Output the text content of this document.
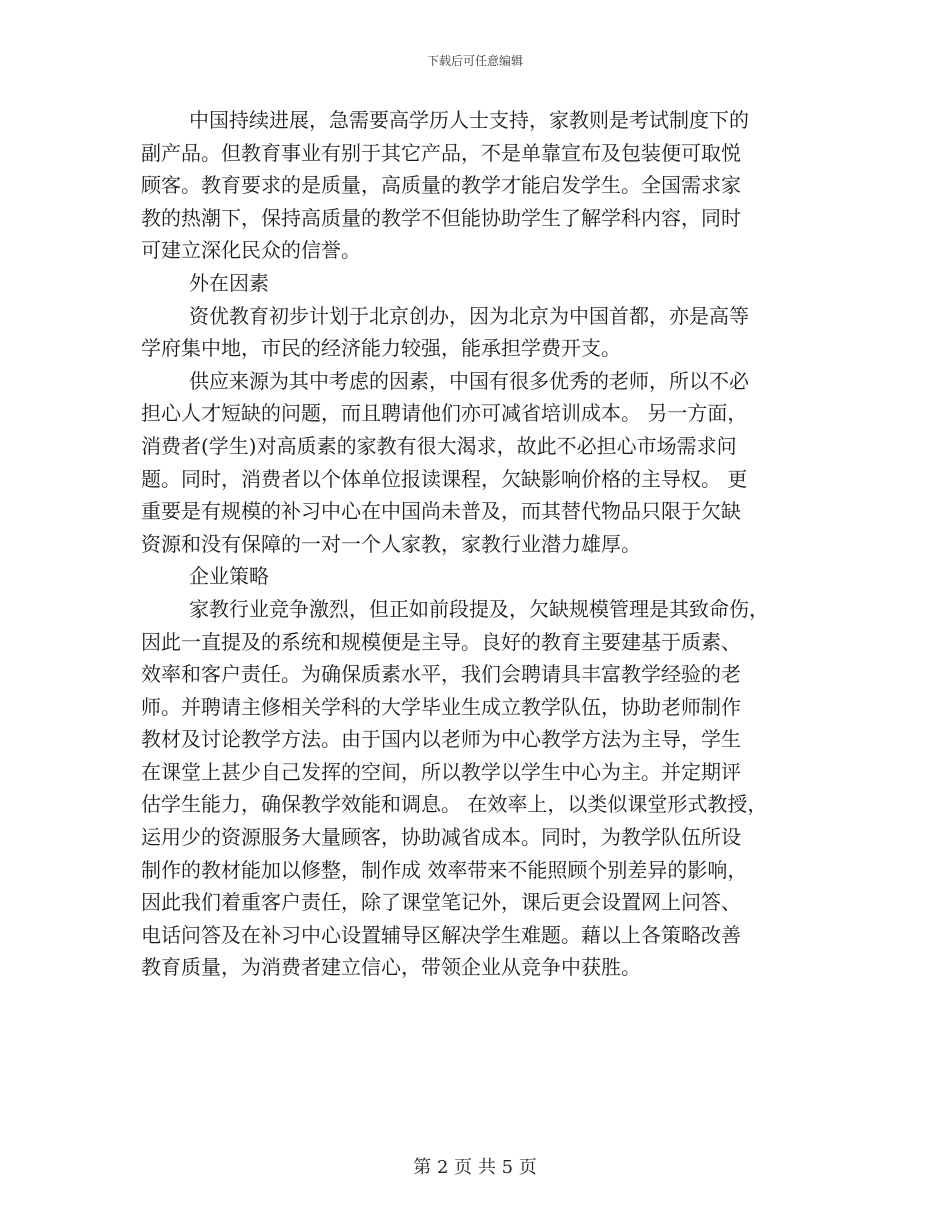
下载后可任意编辑
中国持续进展，急需要高学历人士支持，家教则是考试制度下的
副产品。但教育事业有别于其它产品，不是单靠宣布及包装便可取悦
顾客。教育要求的是质量，高质量的教学才能启发学生。全国需求家
教的热潮下，保持高质量的教学不但能协助学生了解学科内容，同时
可建立深化民众的信誉。
外在因素
资优教育初步计划于北京创办，因为北京为中国首都，亦是高等
学府集中地，市民的经济能力较强，能承担学费开支。
供应来源为其中考虑的因素，中国有很多优秀的老师，所以不必
担心人才短缺的问题，而且聘请他们亦可减省培训成本。 另一方面，
消费者(学生)对高质素的家教有很大渴求，故此不必担心市场需求问
题。同时，消费者以个体单位报读课程，欠缺影响价格的主导权。 更
重要是有规模的补习中心在中国尚未普及，而其替代物品只限于欠缺
资源和没有保障的一对一个人家教，家教行业潜力雄厚。
企业策略
家教行业竞争激烈，但正如前段提及，欠缺规模管理是其致命伤，
因此一直提及的系统和规模便是主导。良好的教育主要建基于质素、
效率和客户责任。为确保质素水平，我们会聘请具丰富教学经验的老
师。并聘请主修相关学科的大学毕业生成立教学队伍，协助老师制作
教材及讨论教学方法。由于国内以老师为中心教学方法为主导，学生
在课堂上甚少自己发挥的空间，所以教学以学生中心为主。并定期评
估学生能力，确保教学效能和调息。 在效率上，以类似课堂形式教授，
运用少的资源服务大量顾客，协助减省成本。同时，为教学队伍所设
制作的教材能加以修整，制作成 效率带来不能照顾个别差异的影响，
因此我们着重客户责任，除了课堂笔记外，课后更会设置网上问答、
电话问答及在补习中心设置辅导区解决学生难题。藉以上各策略改善
教育质量，为消费者建立信心，带领企业从竞争中获胜。
第 2 页 共 5 页
